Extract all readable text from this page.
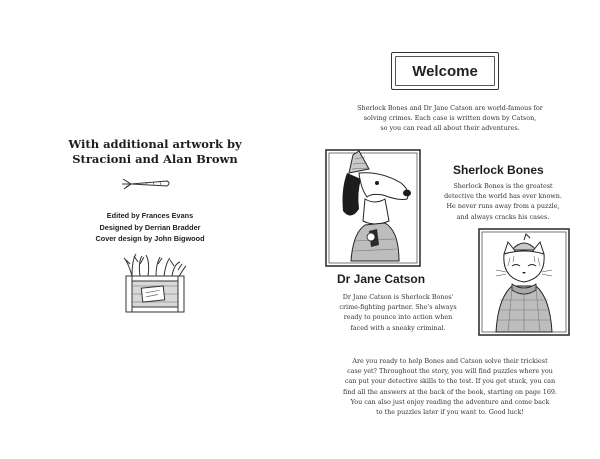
With additional artwork by
Stracioni and Alan Brown
Edited by Frances Evans
Designed by Derrian Bradder
Cover design by John Bigwood
Welcome
Sherlock Bones and Dr Jane Catson are world-famous for
solving crimes. Each case is written down by Catson,
so you can read all about their adventures.
Sherlock Bones
Sherlock Bones is the greatest
detective the world has ever known.
He never runs away from a puzzle,
and always cracks his cases.
Dr Jane Catson
Dr Jane Catson is Sherlock Bones'
crime-fighting partner. She's always
ready to pounce into action when
faced with a sneaky criminal.
Are you ready to help Bones and Catson solve their trickiest
case yet? Throughout the story, you will find puzzles where you
can put your detective skills to the test. If you get stuck, you can
find all the answers at the back of the book, starting on page 169.
You can also just enjoy reading the adventure and come back
to the puzzles later if you want to. Good luck!
